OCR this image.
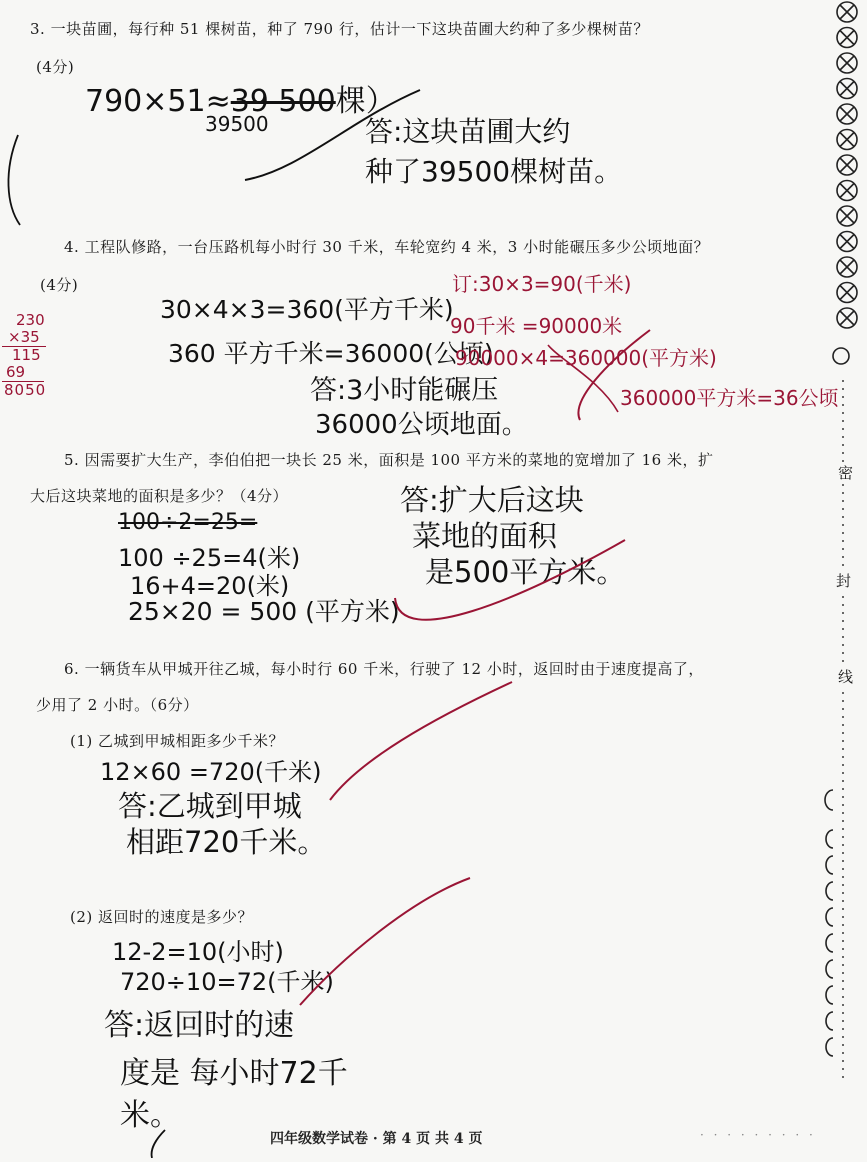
3. 一块苗圃，每行种 51 棵树苗，种了 790 行，估计一下这块苗圃大约种了多少棵树苗？
(4分)
790×51≈39 500棵）
39500	答:这块苗圃大约
种了39500棵树苗。
4. 工程队修路，一台压路机每小时行 30 千米，车轮宽约 4 米，3 小时能碾压多少公顷地面？
(4分)
30×4×3=360(平方千米)
360 平方千米=36000(公顷)
答:3小时能碾压
36000公顷地面。
订:30×3=90(千米)
90千米 =90000米
90000×4=360000(平方米)
360000平方米=36公顷
230
×35
115
69
8050
5. 因需要扩大生产，李伯伯把一块长 25 米，面积是 100 平方米的菜地的宽增加了 16 米，扩
大后这块菜地的面积是多少？（4分）
100÷2=25=
100 ÷25=4(米)
16+4=20(米)
25×20 = 500 (平方米)
答:扩大后这块
菜地的面积
是500平方米。
6. 一辆货车从甲城开往乙城，每小时行 60 千米，行驶了 12 小时，返回时由于速度提高了，
少用了 2 小时。（6分）
(1) 乙城到甲城相距多少千米？
12×60 =720(千米)
答:乙城到甲城
相距720千米。
(2) 返回时的速度是多少？
12-2=10(小时)
720÷10=72(千米)
答:返回时的速
度是 每小时72千
米。
四年级数学试卷 · 第 4 页 共 4 页	· · · · · · · · ·
密
封
线
